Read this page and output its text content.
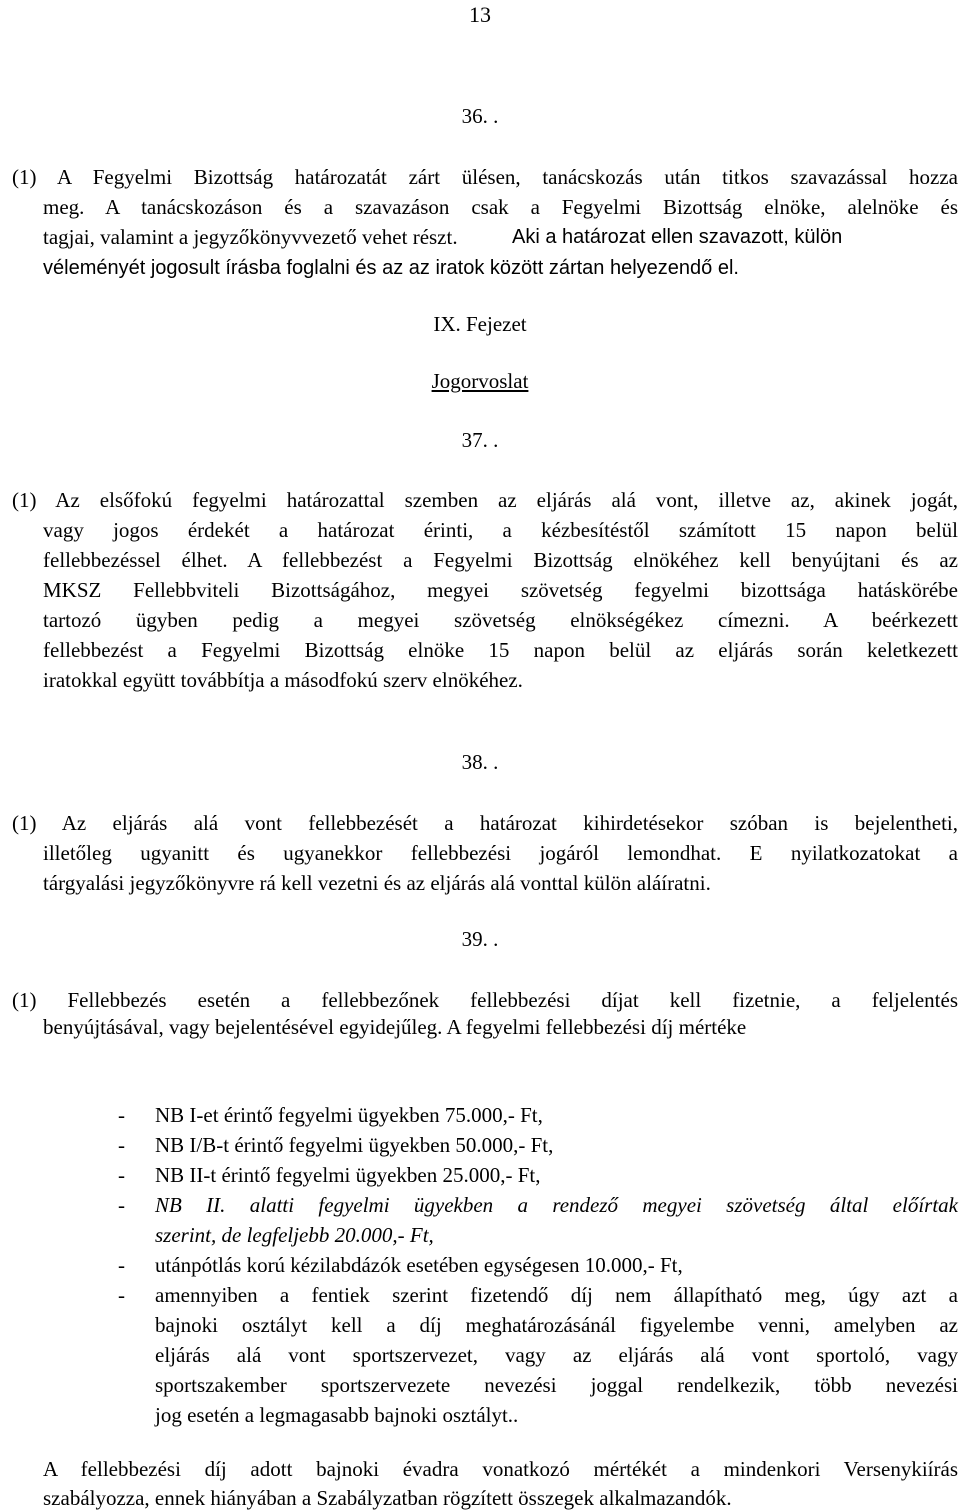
13
36. .
(1) A Fegyelmi Bizottság határozatát zárt ülésen, tanácskozás után titkos szavazással hozza
meg. A tanácskozáson és a szavazáson csak a Fegyelmi Bizottság elnöke, alelnöke és
tagjai, valamint a jegyzőkönyvvezető vehet részt.	Aki a határozat ellen szavazott, külön
véleményét jogosult írásba foglalni és az az iratok között zártan helyezendő el.
IX. Fejezet
Jogorvoslat
37. .
(1) Az elsőfokú fegyelmi határozattal szemben az eljárás alá vont, illetve az, akinek jogát,
vagy jogos érdekét a határozat érinti, a kézbesítéstől számított 15 napon belül
fellebbezéssel élhet. A fellebbezést a Fegyelmi Bizottság elnökéhez kell benyújtani és az
MKSZ Fellebbviteli Bizottságához, megyei szövetség fegyelmi bizottsága hatáskörébe
tartozó ügyben pedig a megyei szövetség elnökségékez címezni. A beérkezett
fellebbezést a Fegyelmi Bizottság elnöke 15 napon belül az eljárás során keletkezett
iratokkal együtt továbbítja a másodfokú szerv elnökéhez.
38. .
(1) Az eljárás alá vont fellebbezését a határozat kihirdetésekor szóban is bejelentheti,
illetőleg ugyanitt és ugyanekkor fellebbezési jogáról lemondhat. E nyilatkozatokat a
tárgyalási jegyzőkönyvre rá kell vezetni és az eljárás alá vonttal külön aláíratni.
39. .
(1) Fellebbezés esetén a fellebbezőnek fellebbezési díjat kell fizetnie, a feljelentés
benyújtásával, vagy bejelentésével egyidejűleg. A fegyelmi fellebbezési díj mértéke
- NB I-et érintő fegyelmi ügyekben 75.000,- Ft,
- NB I/B-t érintő fegyelmi ügyekben 50.000,- Ft,
- NB II-t érintő fegyelmi ügyekben 25.000,- Ft,
- NB II. alatti fegyelmi ügyekben a rendező megyei szövetség által előírtak
szerint, de legfeljebb 20.000,- Ft,
- utánpótlás korú kézilabdázók esetében egységesen 10.000,- Ft,
- amennyiben a fentiek szerint fizetendő díj nem állapítható meg, úgy azt a
bajnoki osztályt kell a díj meghatározásánál figyelembe venni, amelyben az
eljárás alá vont sportszervezet, vagy az eljárás alá vont sportoló, vagy
sportszakember sportszervezete nevezési joggal rendelkezik, több nevezési
jog esetén a legmagasabb bajnoki osztályt..
A fellebbezési díj adott bajnoki évadra vonatkozó mértékét a mindenkori Versenykiírás
szabályozza, ennek hiányában a Szabályzatban rögzített összegek alkalmazandók.
